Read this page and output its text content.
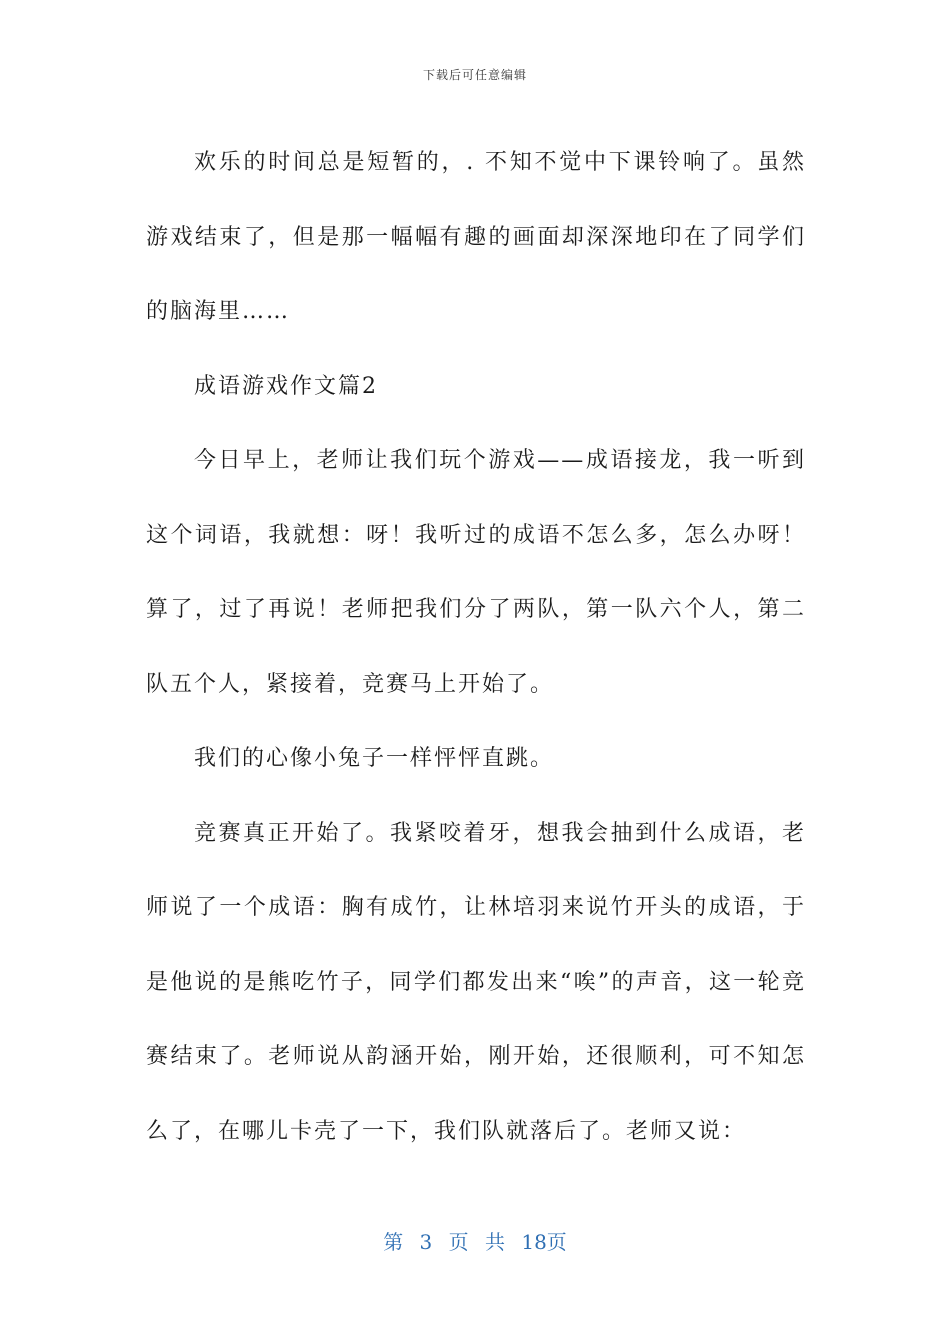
下载后可任意编辑

欢乐的时间总是短暂的，. 不知不觉中下课铃响了。虽然游戏结束了，但是那一幅幅有趣的画面却深深地印在了同学们的脑海里……

成语游戏作文篇2

今日早上，老师让我们玩个游戏——成语接龙，我一听到这个词语，我就想：呀！我听过的成语不怎么多，怎么办呀！算了，过了再说！老师把我们分了两队，第一队六个人，第二队五个人，紧接着，竞赛马上开始了。

我们的心像小兔子一样怦怦直跳。

竞赛真正开始了。我紧咬着牙，想我会抽到什么成语，老师说了一个成语：胸有成竹，让林培羽来说竹开头的成语，于是他说的是熊吃竹子，同学们都发出来“唉”的声音，这一轮竞赛结束了。老师说从韵涵开始，刚开始，还很顺利，可不知怎么了，在哪儿卡壳了一下，我们队就落后了。老师又说：

第 3 页 共 18页
